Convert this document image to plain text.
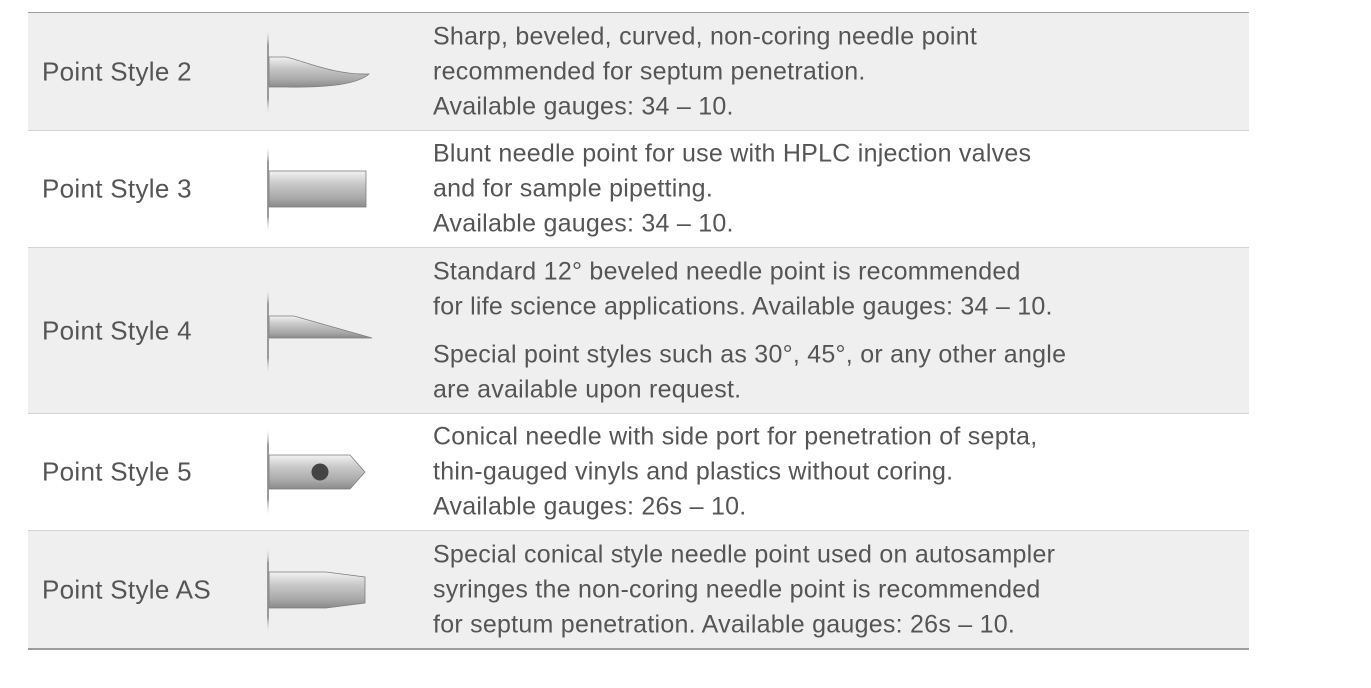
Point Style 2
Sharp, beveled, curved, non-coring needle point
recommended for septum penetration.
Available gauges: 34 – 10.
Point Style 3
Blunt needle point for use with HPLC injection valves
and for sample pipetting.
Available gauges: 34 – 10.
Point Style 4
Standard 12° beveled needle point is recommended
for life science applications. Available gauges: 34 – 10.
Special point styles such as 30°, 45°, or any other angle
are available upon request.
Point Style 5
Conical needle with side port for penetration of septa,
thin-gauged vinyls and plastics without coring.
Available gauges: 26s – 10.
Point Style AS
Special conical style needle point used on autosampler
syringes the non-coring needle point is recommended
for septum penetration. Available gauges: 26s – 10.
